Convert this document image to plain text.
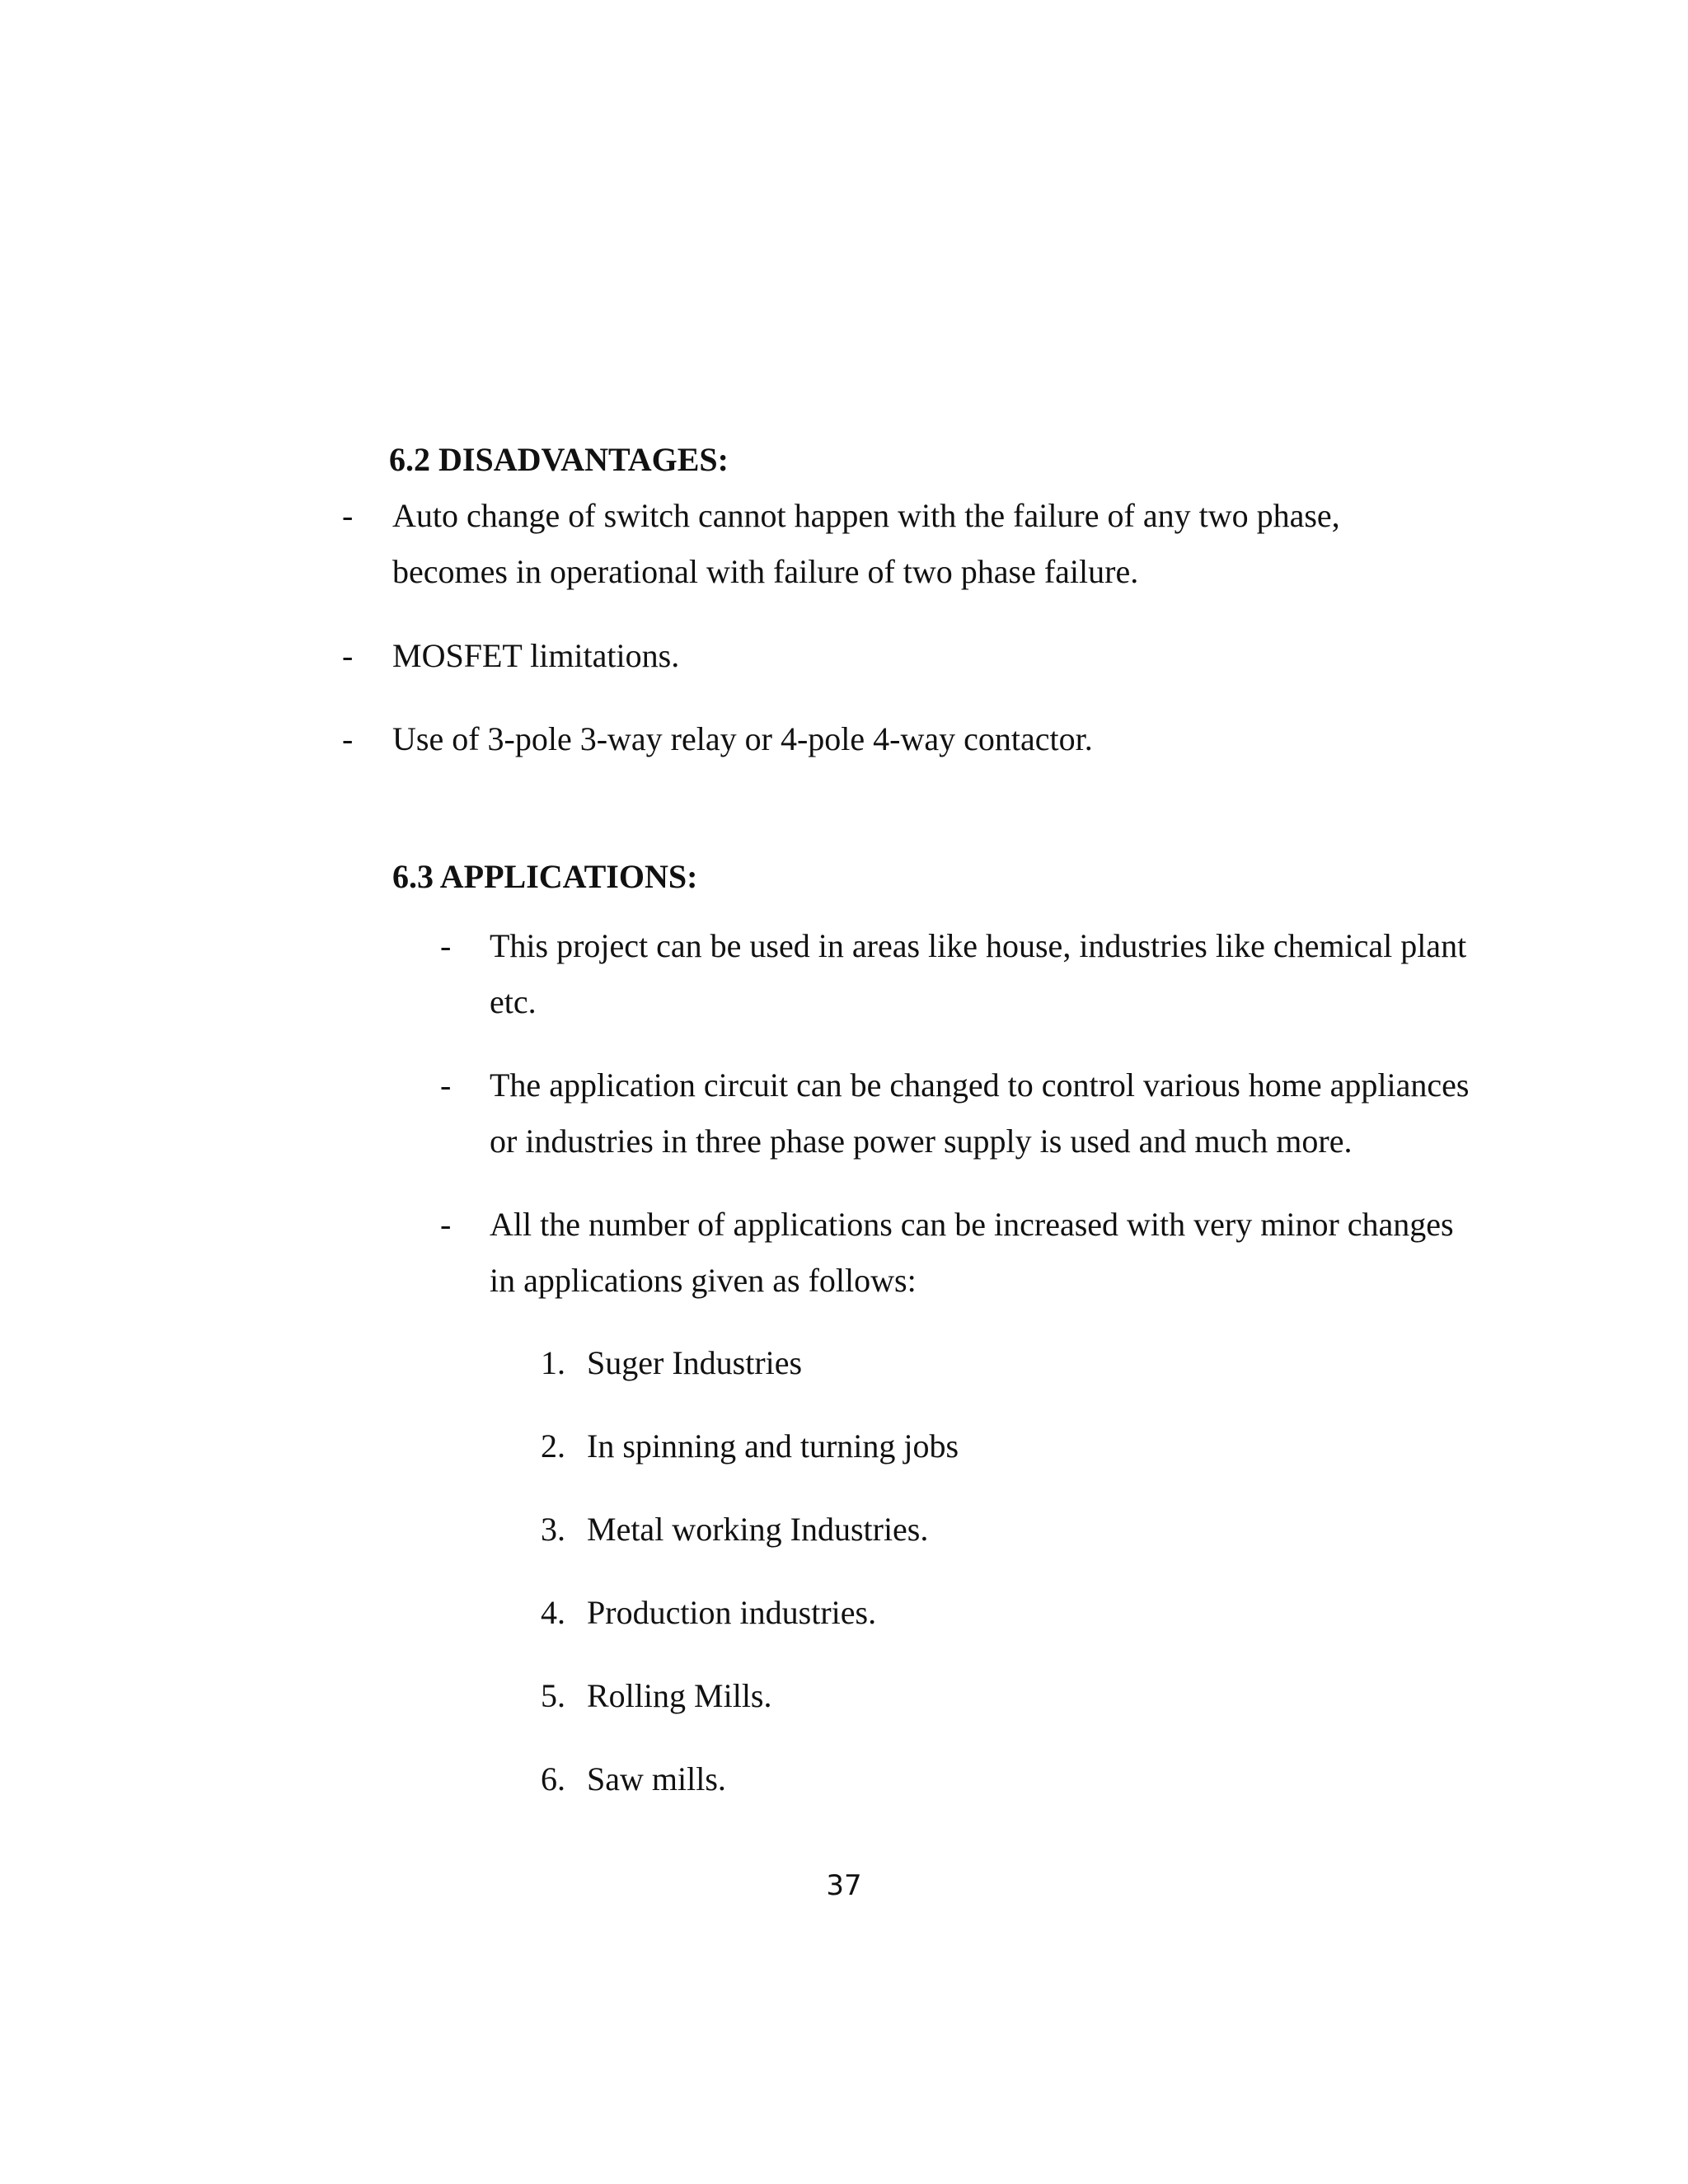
6.2 DISADVANTAGES:
- Auto change of switch cannot happen with the failure of any two phase,
becomes in operational with failure of two phase failure.
- MOSFET limitations.
- Use of 3-pole 3-way relay or 4-pole 4-way contactor.
6.3 APPLICATIONS:
- This project can be used in areas like house, industries like chemical plant
etc.
- The application circuit can be changed to control various home appliances
or industries in three phase power supply is used and much more.
- All the number of applications can be increased with very minor changes
in applications given as follows:
1. Suger Industries
2. In spinning and turning jobs
3. Metal working Industries.
4. Production industries.
5. Rolling Mills.
6. Saw mills.
37
